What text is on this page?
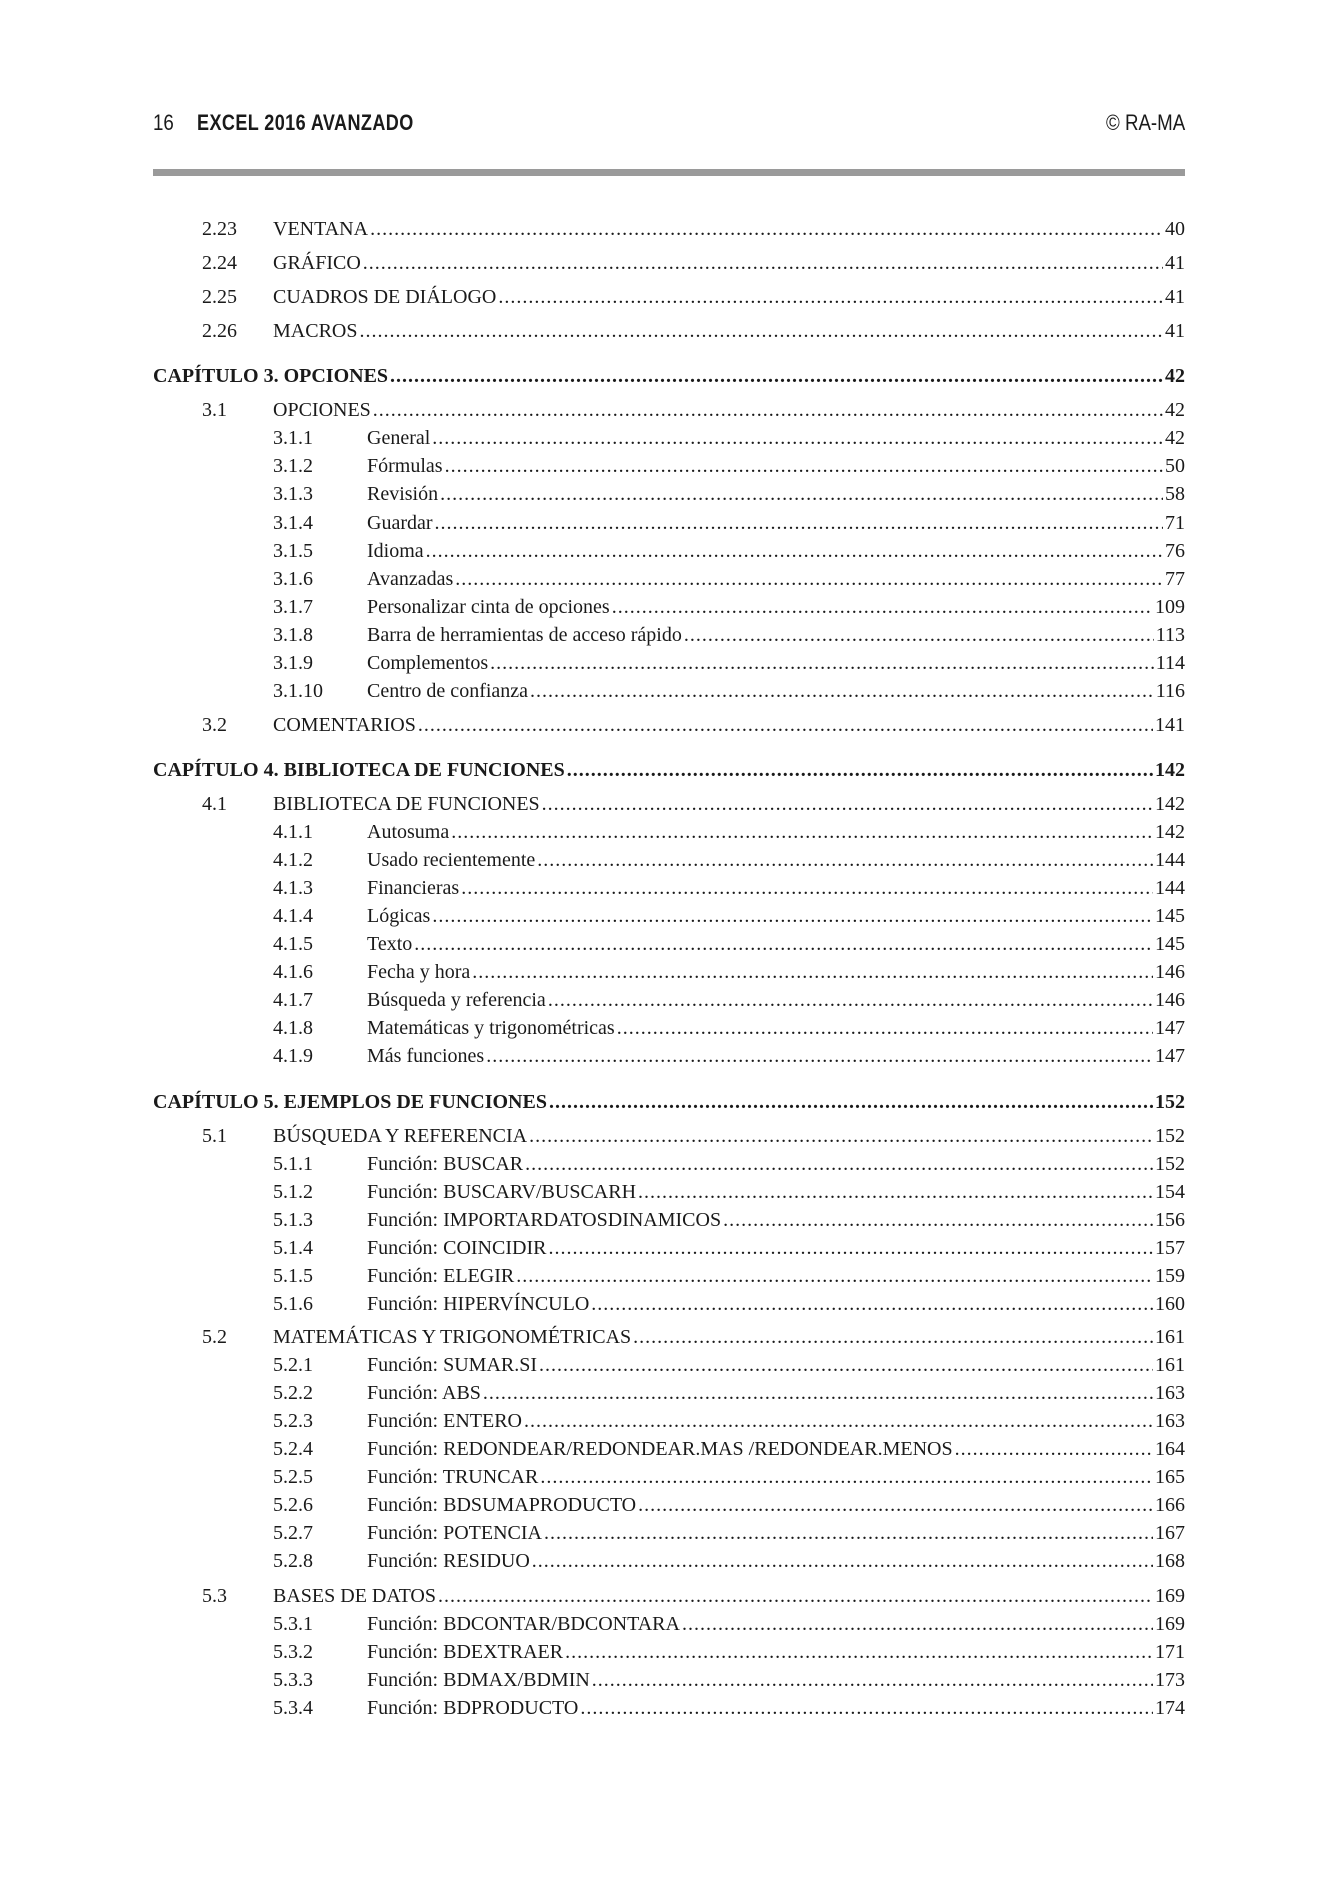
16 EXCEL 2016 AVANZADO	© RA-MA
2.23 VENTANA .....	40
2.24 GRÁFICO .....	41
2.25 CUADROS DE DIÁLOGO .....	41
2.26 MACROS .....	41
CAPÍTULO 3. OPCIONES .....	42
3.1 OPCIONES .....	42
3.1.1	General .....	42
3.1.2	Fórmulas .....	50
3.1.3	Revisión .....	58
3.1.4	Guardar .....	71
3.1.5	Idioma .....	76
3.1.6	Avanzadas .....	77
3.1.7	Personalizar cinta de opciones .....	109
3.1.8	Barra de herramientas de acceso rápido .....	113
3.1.9	Complementos .....	114
3.1.10 Centro de confianza .....	116
3.2 COMENTARIOS .....	141
CAPÍTULO 4. BIBLIOTECA DE FUNCIONES .....	142
4.1 BIBLIOTECA DE FUNCIONES .....	142
4.1.1	Autosuma .....	142
4.1.2	Usado recientemente .....	144
4.1.3	Financieras .....	144
4.1.4	Lógicas .....	145
4.1.5	Texto .....	145
4.1.6	Fecha y hora .....	146
4.1.7	Búsqueda y referencia .....	146
4.1.8	Matemáticas y trigonométricas .....	147
4.1.9	Más funciones .....	147
CAPÍTULO 5. EJEMPLOS DE FUNCIONES .....	152
5.1 BÚSQUEDA Y REFERENCIA .....	152
5.1.1	Función: BUSCAR .....	152
5.1.2	Función: BUSCARV/BUSCARH .....	154
5.1.3	Función: IMPORTARDATOSDINAMICOS .....	156
5.1.4	Función: COINCIDIR .....	157
5.1.5	Función: ELEGIR .....	159
5.1.6	Función: HIPERVÍNCULO .....	160
5.2 MATEMÁTICAS Y TRIGONOMÉTRICAS .....	161
5.2.1	Función: SUMAR.SI .....	161
5.2.2	Función: ABS .....	163
5.2.3	Función: ENTERO .....	163
5.2.4	Función: REDONDEAR/REDONDEAR.MAS /REDONDEAR.MENOS .....	164
5.2.5	Función: TRUNCAR .....	165
5.2.6	Función: BDSUMAPRODUCTO .....	166
5.2.7	Función: POTENCIA .....	167
5.2.8	Función: RESIDUO .....	168
5.3 BASES DE DATOS .....	169
5.3.1	Función: BDCONTAR/BDCONTARA .....	169
5.3.2	Función: BDEXTRAER .....	171
5.3.3	Función: BDMAX/BDMIN .....	173
5.3.4	Función: BDPRODUCTO .....	174
